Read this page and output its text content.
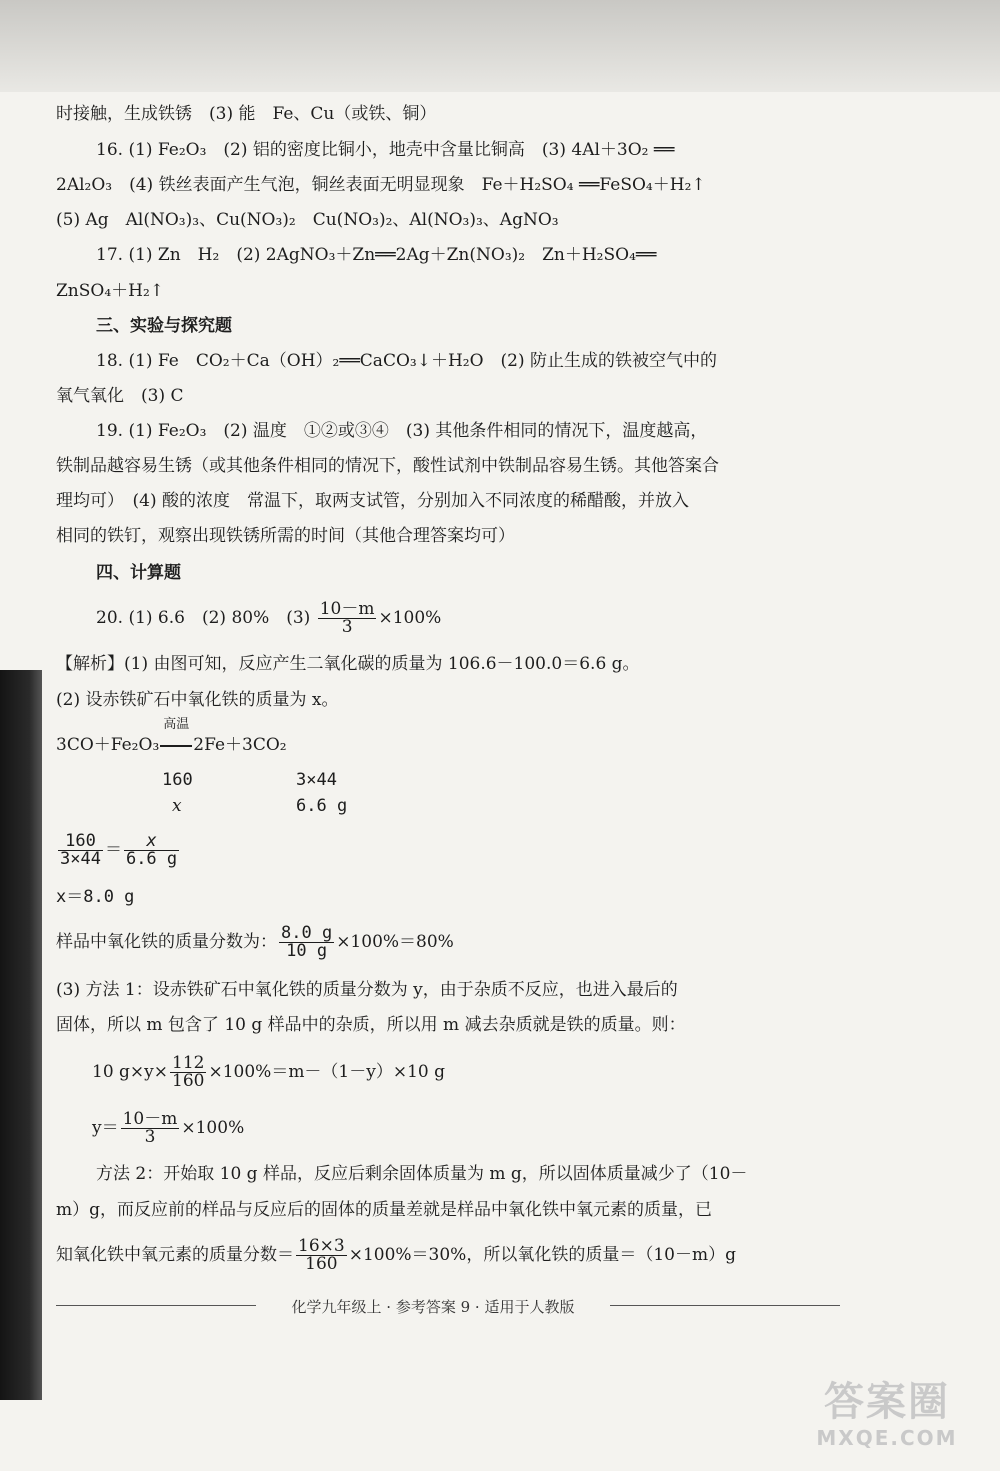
时接触，生成铁锈　(3) 能　Fe、Cu（或铁、铜）
16. (1) Fe₂O₃　(2) 铝的密度比铜小，地壳中含量比铜高　(3) 4Al＋3O₂ ══
2Al₂O₃　(4) 铁丝表面产生气泡，铜丝表面无明显现象　Fe＋H₂SO₄ ══FeSO₄＋H₂↑
(5) Ag　Al(NO₃)₃、Cu(NO₃)₂　Cu(NO₃)₂、Al(NO₃)₃、AgNO₃
17. (1) Zn　H₂　(2) 2AgNO₃＋Zn══2Ag＋Zn(NO₃)₂　Zn＋H₂SO₄══
ZnSO₄＋H₂↑
三、实验与探究题
18. (1) Fe　CO₂＋Ca（OH）₂══CaCO₃↓＋H₂O　(2) 防止生成的铁被空气中的
氧气氧化　(3) C
19. (1) Fe₂O₃　(2) 温度　①②或③④　(3) 其他条件相同的情况下，温度越高，
铁制品越容易生锈（或其他条件相同的情况下，酸性试剂中铁制品容易生锈。其他答案合
理均可）　(4) 酸的浓度　常温下，取两支试管，分别加入不同浓度的稀醋酸，并放入
相同的铁钉，观察出现铁锈所需的时间（其他合理答案均可）
四、计算题
20. (1) 6.6　(2) 80%　$(3) \frac{10-m}{3} \times 100\%$
【解析】(1) 由图可知，反应产生二氧化碳的质量为 106.6－100.0＝6.6 g。
(2) 设赤铁矿石中氧化铁的质量为 x。
3CO＋Fe₂O₃
高温
2Fe＋3CO₂
160	3×44
x	6.6 g
$\frac{160}{3\times 44} = \frac{x}{6.6 g}$
x＝8.0 g
样品中氧化铁的质量分数为： $\frac{8.0 g}{10 g} \times 100\%=80\%$
(3) 方法 1：设赤铁矿石中氧化铁的质量分数为 y，由于杂质不反应，也进入最后的
固体，所以 m 包含了 10 g 样品中的杂质，所以用 m 减去杂质就是铁的质量。则：
10 $g\times y\times \frac{112}{160} \times 100\%=m-(1-y)\times 10$ g
$y= \frac{10-m}{3} \times 100\%$
方法 2：开始取 10 g 样品，反应后剩余固体质量为 m g，所以固体质量减少了（10－
m）g，而反应前的样品与反应后的固体的质量差就是样品中氧化铁中氧元素的质量，已
知氧化铁中氧元素的质量分数＝ $\frac{16\times 3}{160} \times 100\%=30\%$，所以氧化铁的质量＝（10－m）g
化学九年级上 · 参考答案 9 · 适用于人教版
答案圈
MXQE.COM
